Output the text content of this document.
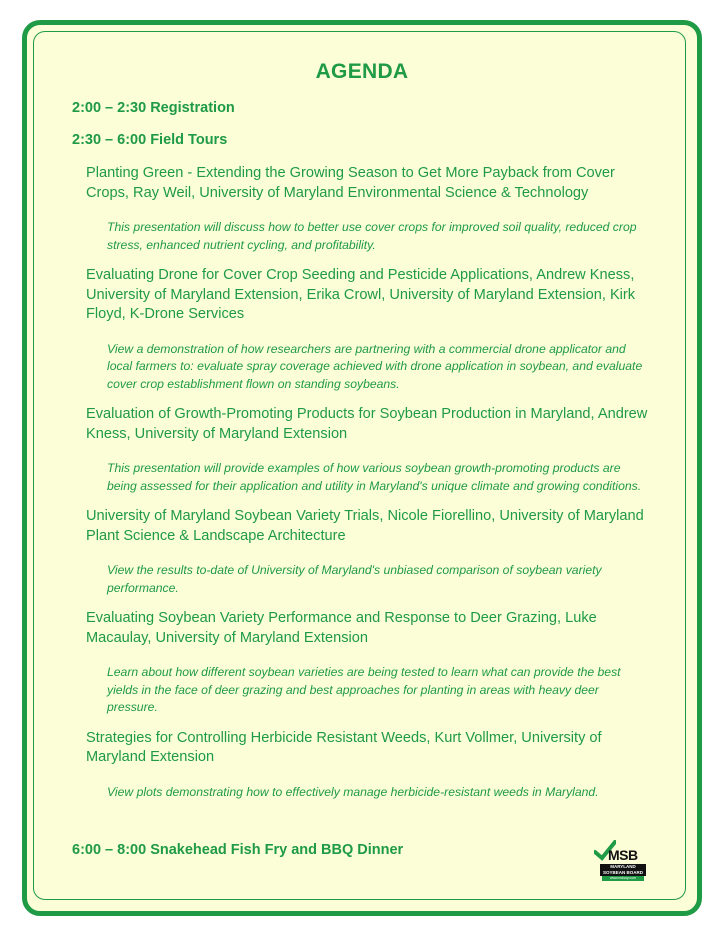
AGENDA
2:00 – 2:30 Registration
2:30 – 6:00 Field Tours

Planting Green - Extending the Growing Season to Get More Payback from Cover Crops, Ray Weil, University of Maryland Environmental Science & Technology

This presentation will discuss how to better use cover crops for improved soil quality, reduced crop stress, enhanced nutrient cycling, and profitability.

Evaluating Drone for Cover Crop Seeding and Pesticide Applications, Andrew Kness, University of Maryland Extension, Erika Crowl, University of Maryland Extension, Kirk Floyd, K-Drone Services

View a demonstration of how researchers are partnering with a commercial drone applicator and local farmers to: evaluate spray coverage achieved with drone application in soybean, and evaluate cover crop establishment flown on standing soybeans.

Evaluation of Growth-Promoting Products for Soybean Production in Maryland, Andrew Kness, University of Maryland Extension

This presentation will provide examples of how various soybean growth-promoting products are being assessed for their application and utility in Maryland's unique climate and growing conditions.

University of Maryland Soybean Variety Trials, Nicole Fiorellino, University of Maryland Plant Science & Landscape Architecture

View the results to-date of University of Maryland's unbiased comparison of soybean variety performance.

Evaluating Soybean Variety Performance and Response to Deer Grazing, Luke Macaulay, University of Maryland Extension

Learn about how different soybean varieties are being tested to learn what can provide the best yields in the face of deer grazing and best approaches for planting in areas with heavy deer pressure.

Strategies for Controlling Herbicide Resistant Weeds, Kurt Vollmer, University of Maryland Extension

View plots demonstrating how to effectively manage herbicide-resistant weeds in Maryland.

6:00 – 8:00 Snakehead Fish Fry and BBQ Dinner	MSB
MARYLAND
SOYBEAN BOARD
www.mdsoy.com
